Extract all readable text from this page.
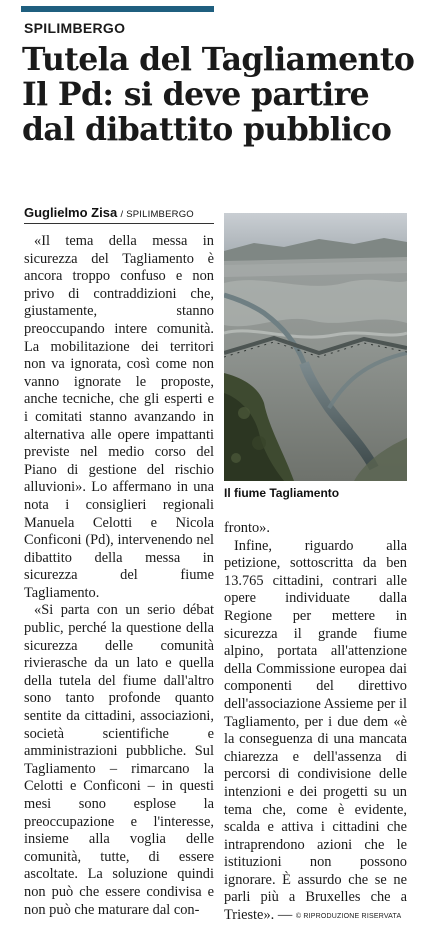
SPILIMBERGO
Tutela del Tagliamento
Il Pd: si deve partire
dal dibattito pubblico
Guglielmo Zisa / SPILIMBERGO

«Il tema della messa in sicurezza del Tagliamento è ancora troppo confuso e non privo di contraddizioni che, giustamente, stanno preoccupando intere comunità. La mobilitazione dei territori non va ignorata, così come non vanno ignorate le proposte, anche tecniche, che gli esperti e i comitati stanno avanzando in alternativa alle opere impattanti previste nel medio corso del Piano di gestione del rischio alluvioni». Lo affermano in una nota i consiglieri regionali Manuela Celotti e Nicola Conficoni (Pd), intervenendo nel dibattito della messa in sicurezza del fiume Tagliamento.

«Si parta con un serio débat public, perché la questione della sicurezza delle comunità rivierasche da un lato e quella della tutela del fiume dall'altro sono tanto profonde quanto sentite da cittadini, associazioni, società scientifiche e amministrazioni pubbliche. Sul Tagliamento – rimarcano la Celotti e Conficoni – in questi mesi sono esplose la preoccupazione e l'interesse, insieme alla voglia delle comunità, tutte, di essere ascoltate. La soluzione quindi non può che essere condivisa e non può che maturare dal con-

Il fiume Tagliamento

fronto».

Infine, riguardo alla petizione, sottoscritta da ben 13.765 cittadini, contrari alle opere individuate dalla Regione per mettere in sicurezza il grande fiume alpino, portata all'attenzione della Commissione europea dai componenti del direttivo dell'associazione Assieme per il Tagliamento, per i due dem «è la conseguenza di una mancata chiarezza e dell'assenza di percorsi di condivisione delle intenzioni e dei progetti su un tema che, come è evidente, scalda e attiva i cittadini che intraprendono azioni che le istituzioni non possono ignorare. È assurdo che se ne parli più a Bruxelles che a Trieste». — © RIPRODUZIONE RISERVATA
